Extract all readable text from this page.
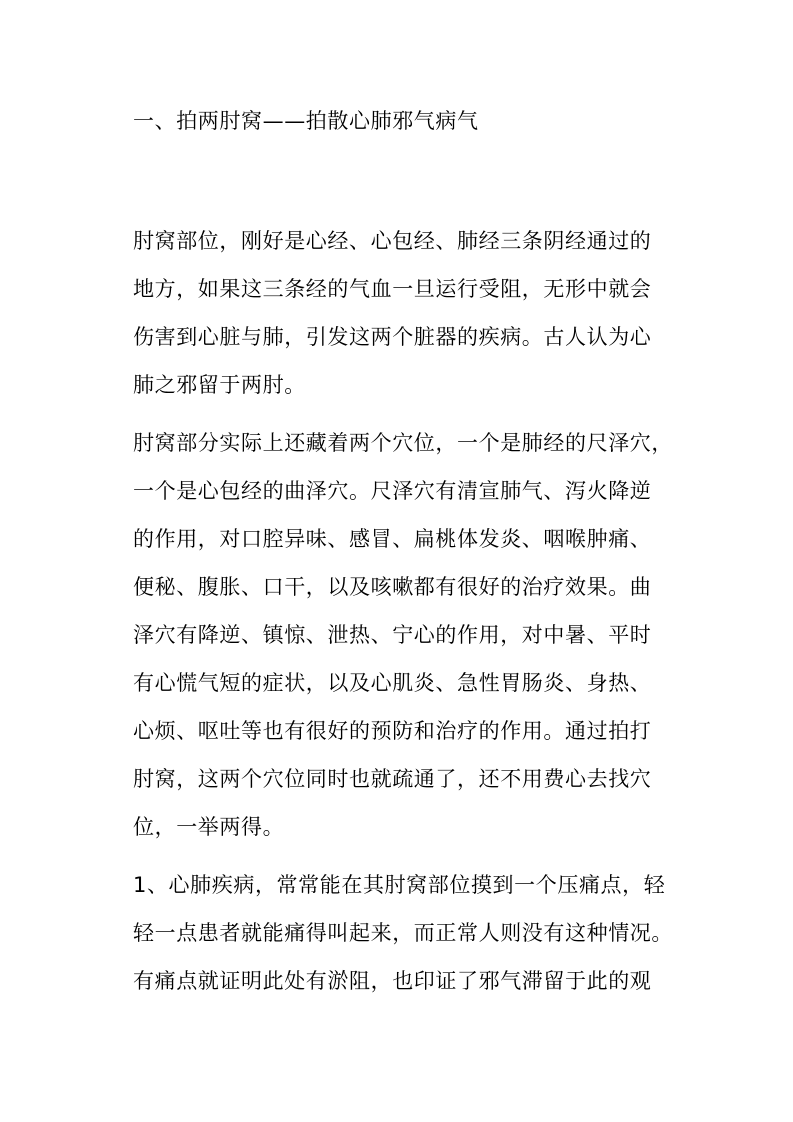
一、拍两肘窝——拍散心肺邪气病气
肘窝部位，刚好是心经、心包经、肺经三条阴经通过的
地方，如果这三条经的气血一旦运行受阻，无形中就会
伤害到心脏与肺，引发这两个脏器的疾病。古人认为心
肺之邪留于两肘。
肘窝部分实际上还藏着两个穴位，一个是肺经的尺泽穴，
一个是心包经的曲泽穴。尺泽穴有清宣肺气、泻火降逆
的作用，对口腔异味、感冒、扁桃体发炎、咽喉肿痛、
便秘、腹胀、口干，以及咳嗽都有很好的治疗效果。曲
泽穴有降逆、镇惊、泄热、宁心的作用，对中暑、平时
有心慌气短的症状，以及心肌炎、急性胃肠炎、身热、
心烦、呕吐等也有很好的预防和治疗的作用。通过拍打
肘窝，这两个穴位同时也就疏通了，还不用费心去找穴
位，一举两得。
1、心肺疾病，常常能在其肘窝部位摸到一个压痛点，轻
轻一点患者就能痛得叫起来，而正常人则没有这种情况。
有痛点就证明此处有淤阻，也印证了邪气滞留于此的观
